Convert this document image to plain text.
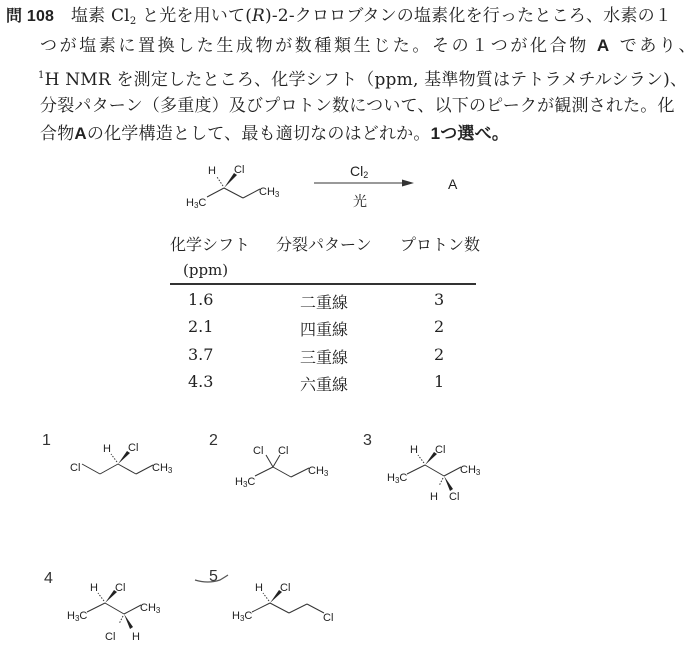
問 108 塩素 $Cl_2$ と光を用いて(R)-2-クロロブタンの塩素化を行ったところ、水素の１
つが塩素に置換した生成物が数種類生じた。その１つが化合物 A であり、
$^1$H NMR を測定したところ、化学シフト（ppm, 基準物質はテトラメチルシラン)、
分裂パターン（多重度）及びプロトン数について、以下のピークが観測された。化
合物Aの化学構造として、最も適切なのはどれか。1つ選べ。
H Cl
H3C
CH3
Cl2
光
A
化学シフト 分裂パターン プロトン数
(ppm)
1.6	二重線	3
2.1	四重線	2
3.7	三重線	2
4.3	六重線	1
1	H Cl
Cl	CH3
2
Cl Cl
H3C
CH3
3
H Cl
H3C
CH3
H Cl
4
H Cl
H3C
CH3
Cl H
5
H Cl
H3C	Cl
